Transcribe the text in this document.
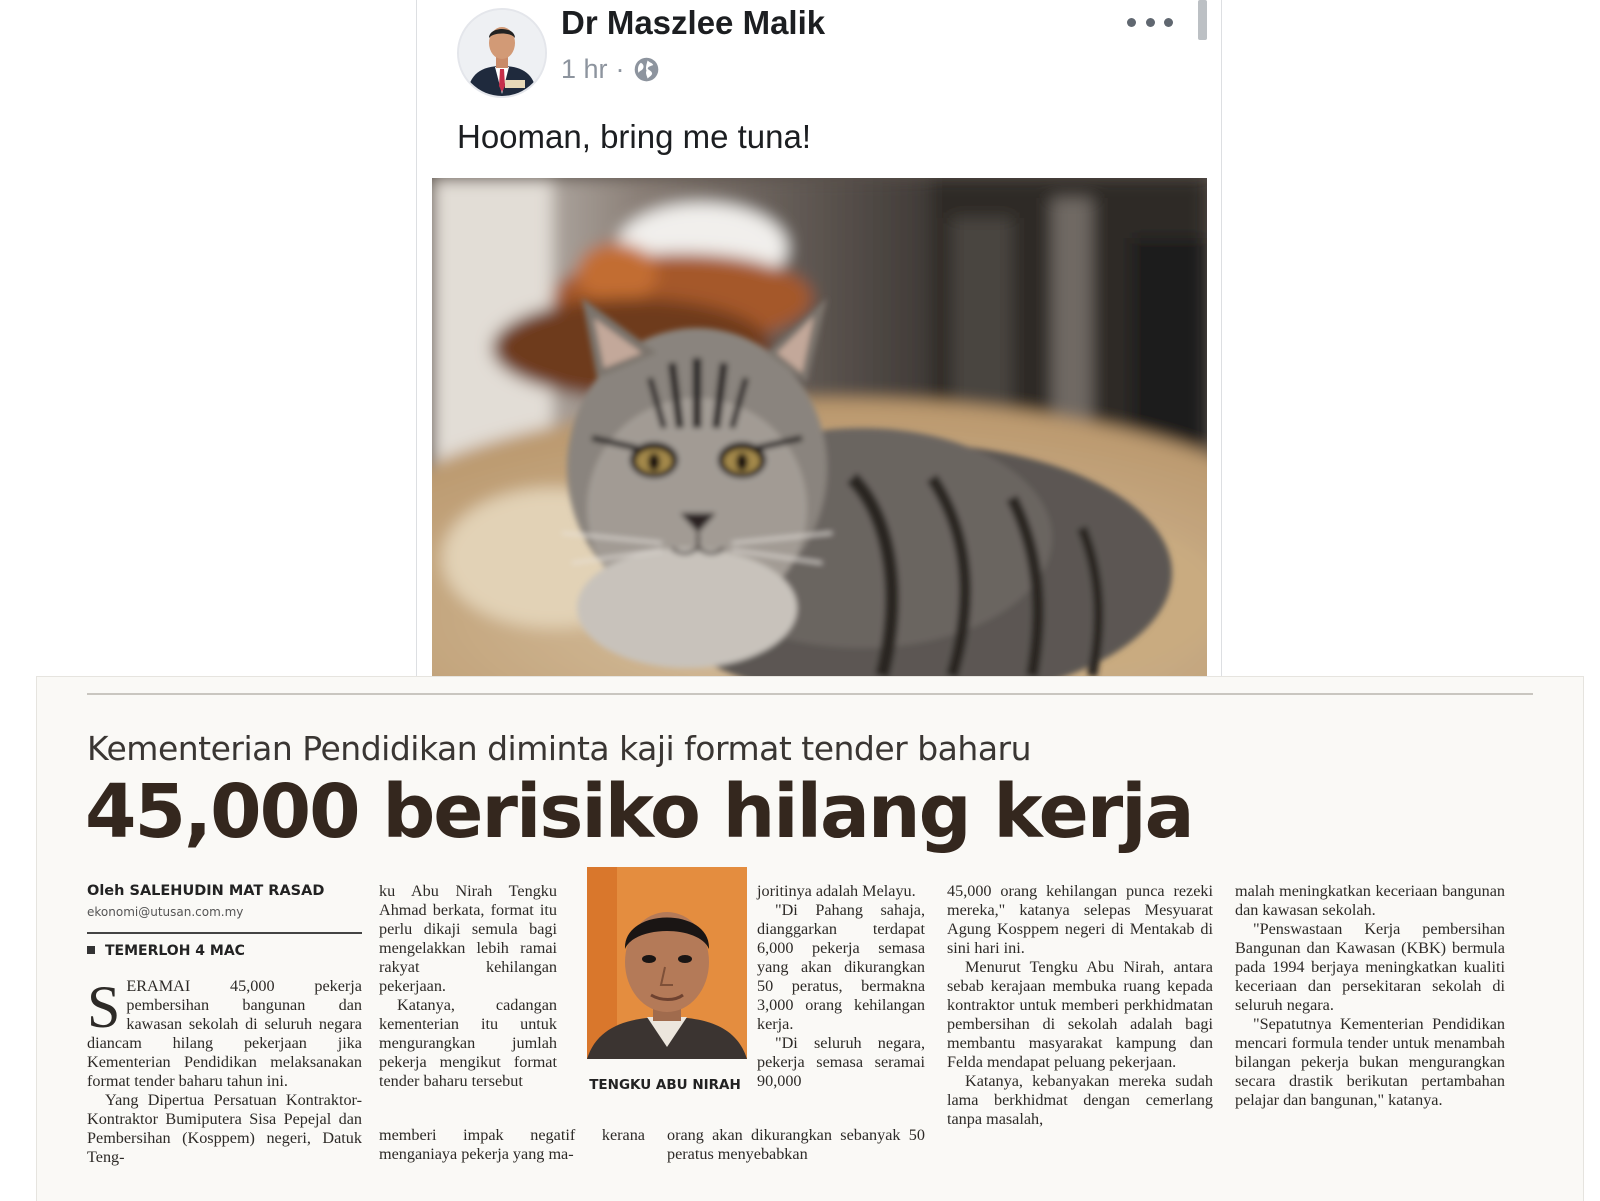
Dr Maszlee Malik
1 hr ·
Hooman, bring me tuna!
Kementerian Pendidikan diminta kaji format tender baharu
45,000 berisiko hilang kerja
Oleh SALEHUDIN MAT RASAD
ekonomi@utusan.com.my
TEMERLOH 4 MAC

SERAMAI 45,000 pekerja pembersihan bangunan dan kawasan sekolah di seluruh negara diancam hilang pekerjaan jika Kementerian Pendidikan melaksanakan format tender baharu tahun ini.

Yang Dipertua Persatuan Kontraktor-Kontraktor Bumiputera Sisa Pepejal dan Pembersihan (Kosppem) negeri, Datuk Teng-

ku Abu Nirah Tengku Ahmad berkata, format itu perlu dikaji semula bagi mengelakkan lebih ramai rakyat kehilangan pekerjaan.

Katanya, cadangan kementerian itu untuk mengurangkan jumlah pekerja mengikut format tender baharu tersebut

memberi impak negatif kerana menganiaya pekerja yang ma-

TENGKU ABU NIRAH

joritinya adalah Melayu.

"Di Pahang sahaja, dianggarkan terdapat 6,000 pekerja semasa yang akan dikurangkan 50 peratus, bermakna 3,000 orang kehilangan kerja.

"Di seluruh negara, pekerja semasa seramai 90,000

orang akan dikurangkan sebanyak 50 peratus menyebabkan

45,000 orang kehilangan punca rezeki mereka," katanya selepas Mesyuarat Agung Kosppem negeri di Mentakab di sini hari ini.

Menurut Tengku Abu Nirah, antara sebab kerajaan membuka ruang kepada kontraktor untuk memberi perkhidmatan pembersihan di sekolah adalah bagi membantu masyarakat kampung dan Felda mendapat peluang pekerjaan.

Katanya, kebanyakan mereka sudah lama berkhidmat dengan cemerlang tanpa masalah,

malah meningkatkan keceriaan bangunan dan kawasan sekolah.

"Penswastaan Kerja pembersihan Bangunan dan Kawasan (KBK) bermula pada 1994 berjaya meningkatkan kualiti keceriaan dan persekitaran sekolah di seluruh negara.

"Sepatutnya Kementerian Pendidikan mencari formula tender untuk menambah bilangan pekerja bukan mengurangkan secara drastik berikutan pertambahan pelajar dan bangunan," katanya.
